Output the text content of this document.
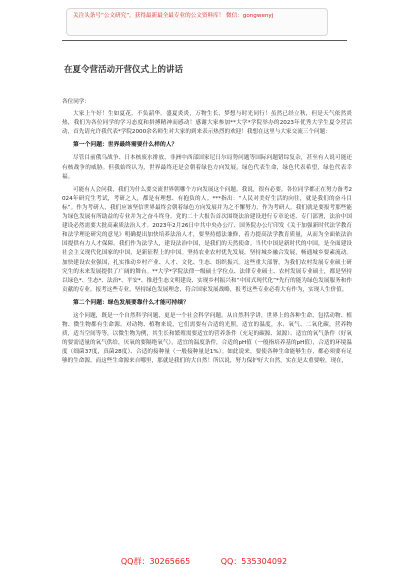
关注头条号“公文研究”，获得最新最全最专业的公文资料库！ 微信：gongwenyj
在夏令营活动开营仪式上的讲话
各位同学：

大家上午好！生如夏花，不负韶华。盛夏炎炎，万物生长，梦想与时光同行！虽然已经立秋，但是天气依然炎热，我们为各位同学的学习态度和拼搏精神而感动！感谢大家参加**大学*学院举办的2023年优秀大学生夏令营活动，首先请允许我代表*学院2000余名师生对大家的到来表示热烈的欢迎！我想在这里与大家交流三个问题：

第一个问题：世界最终需要什么样的人？

尽管目前俄乌战争、日本核废水排放、非洲中西部国家尼日尔局势问题等国际问题错综复杂，甚至有人说可能还有核战争的威胁。但我始终认为，世界最终还是会朝着绿色方向发展，绿色代表生命，绿色代表希望，绿色代表幸福。

可能有人会问我，我们为什么要交流世界朝哪个方向发展这个问题。我说，很有必要。各位同学都正在努力备考2024年研究生考试，考研之人，都是有理想、有抱负的人。***指出：“人民对美好生活的向往，就是我们的奋斗目标”。作为考研人，我们应该坚信世界最终会朝着绿色方向发展并为之不懈努力，作为考研人，我们就是要报考那些能为绿色发展有所助益的专业并为之奋斗终身。党的二十大报告首次围绕法治建设进行专章论述、专门部署，法治中国建设必然需要大批高素质法治人才。2023年2月26日中共中央办公厅、国务院办公厅印发《关于加强新时代法学教育和法学理论研究的意见》明确提出加快培养法治人才，要坚持德法兼修，着力提高法学教育质量，从而为全面依法治国提供有力人才保障。我们作为法学人，建设法治中国，是我们的天然使命。当代中国是新时代的中国，是全面建设社会主义现代化国家的中国，是新征程上的中国。坚持农业农村优先发展，坚持城乡融合发展，畅通城乡要素流动。加快建设农业强国，扎实推动乡村产业、人才、文化、生态、组织振兴。这些重大部署，为我们农村发展专业硕士研究生的未来发展提供了广阔的舞台。**大学*学院法律一级硕士学位点、法律专业硕士、农村发展专业硕士，都是坚持以绿色*、生态*、法治*、平安*、推进生态文明建设、实现乡村振兴和“中国式现代化”*先行的能为绿色发展服务和作贡献的专业。报考这些专业，坚持绿色发展理念，符合国家发展战略，报考这些专业必将大有作为，实现人生价值。

第二个问题：绿色发展要靠什么才能可持续？

这个问题，既是一个自然科学问题，更是一个社会科学问题。从自然科学讲，世界上的各种生命，包括动物、植物、微生物都有生命源。对动物、植物来说，它们需要有合适的光照，适宜的温度，水、氧气、二氧化碳，营养物质，适当空间等等，以微生物为例，其生长和繁殖需要适宜的营养条件（充足的碳源、氮源）、适宜的氧气条件（好氧的要需适量的氧气供给，厌氧的要隔绝氧气），适宜的温度条件，合适的pH值（一般指培养基的pH值），合适的环境温度（细菌37度，真菌28度）、合适的接种量（一般接种量是1%）。如此说来，要使各种生命能够生存，都必须要有足够的生命源。而这些生命源来自哪里，那就是我们的大自然！所以说，努力保护好大自然，实在是太重要啦。现在，

QQ群：30265665	QQ：535304092
